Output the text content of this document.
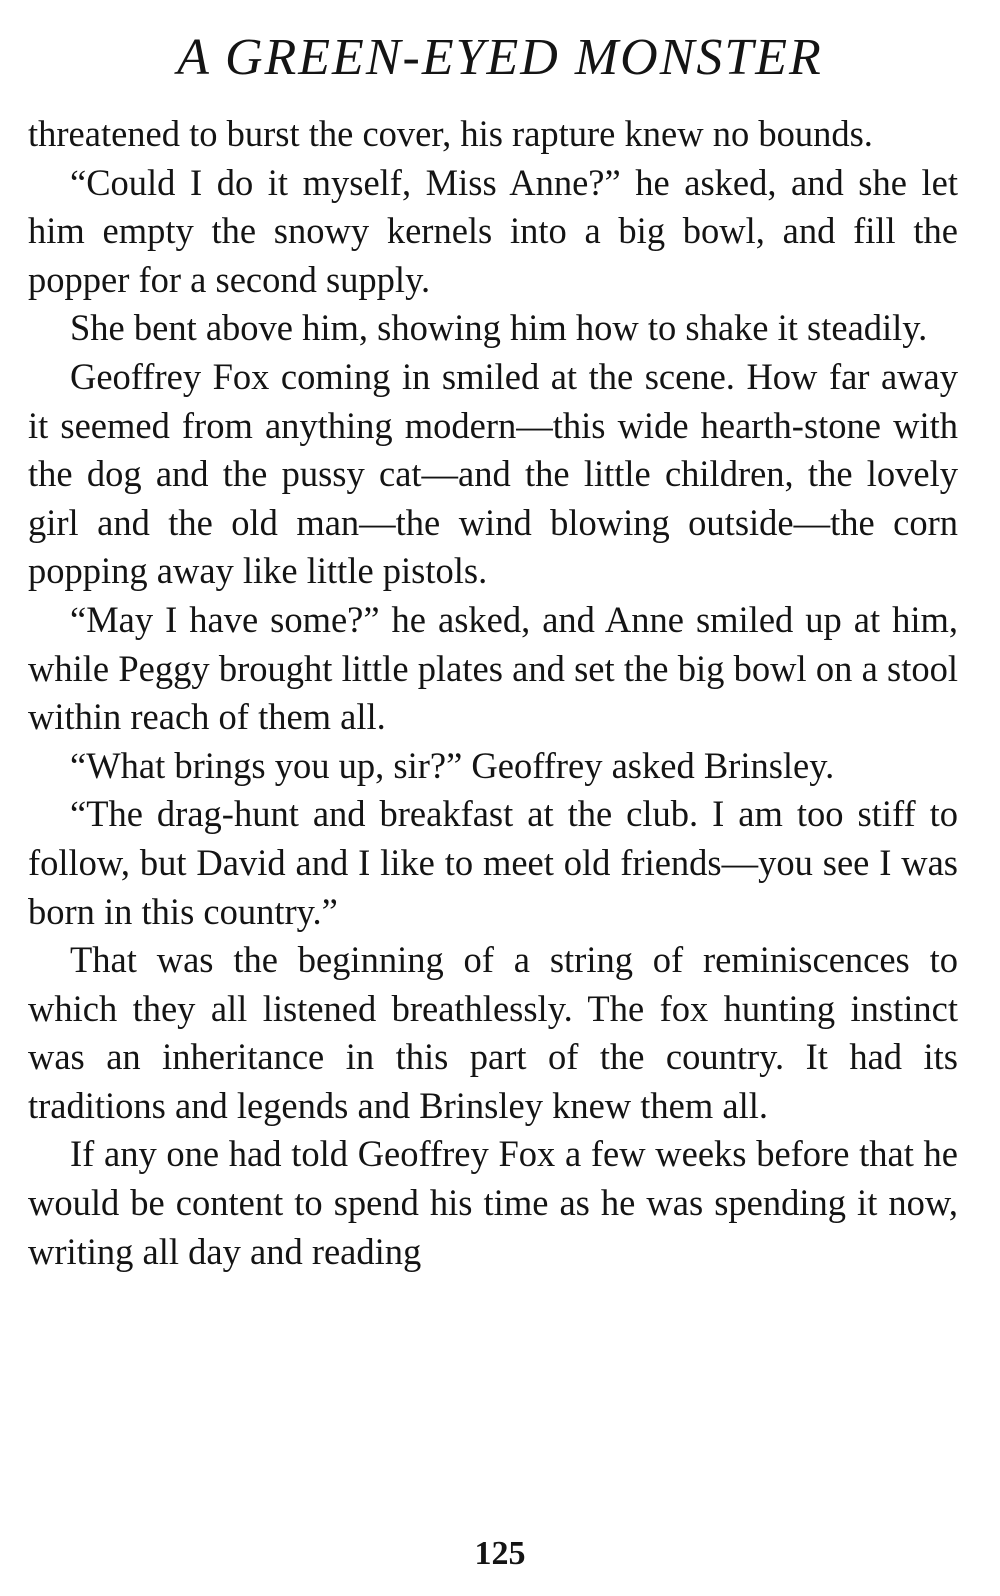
A GREEN-EYED MONSTER

threatened to burst the cover, his rapture knew no bounds.

“Could I do it myself, Miss Anne?” he asked, and she let him empty the snowy kernels into a big bowl, and fill the popper for a second supply.

She bent above him, showing him how to shake it steadily.

Geoffrey Fox coming in smiled at the scene. How far away it seemed from anything modern—this wide hearth-stone with the dog and the pussy cat—and the little children, the lovely girl and the old man—the wind blowing outside—the corn popping away like little pistols.

“May I have some?” he asked, and Anne smiled up at him, while Peggy brought little plates and set the big bowl on a stool within reach of them all.

“What brings you up, sir?” Geoffrey asked Brinsley.

“The drag-hunt and breakfast at the club. I am too stiff to follow, but David and I like to meet old friends—you see I was born in this country.”

That was the beginning of a string of reminiscences to which they all listened breathlessly. The fox hunting instinct was an inheritance in this part of the country. It had its traditions and legends and Brinsley knew them all.

If any one had told Geoffrey Fox a few weeks before that he would be content to spend his time as he was spending it now, writing all day and reading

125
